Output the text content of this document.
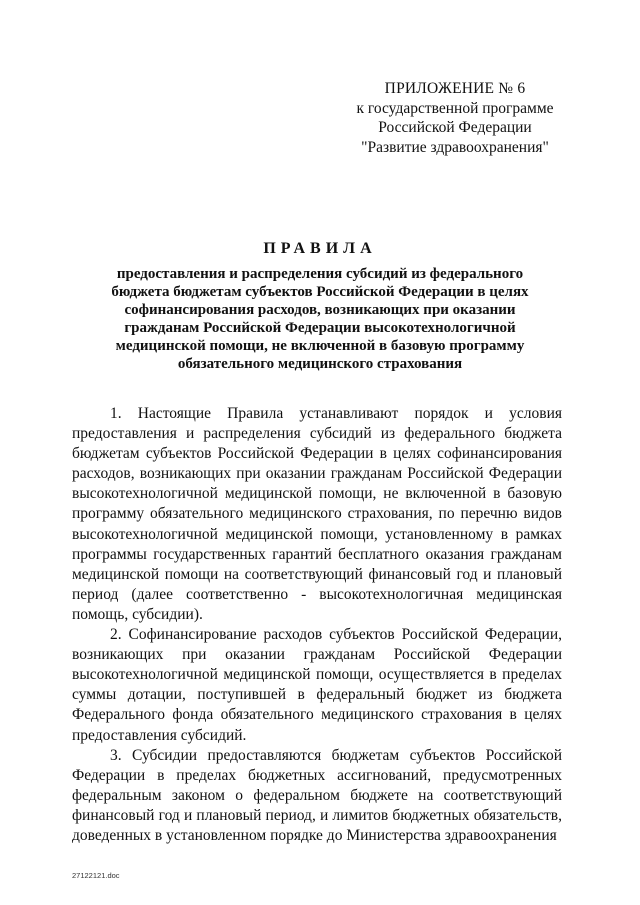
ПРИЛОЖЕНИЕ № 6
к государственной программе
Российской Федерации
"Развитие здравоохранения"
ПРАВИЛА
предоставления и распределения субсидий из федерального
бюджета бюджетам субъектов Российской Федерации в целях
софинансирования расходов, возникающих при оказании
гражданам Российской Федерации высокотехнологичной
медицинской помощи, не включенной в базовую программу
обязательного медицинского страхования

1. Настоящие Правила устанавливают порядок и условия предоставления и распределения субсидий из федерального бюджета бюджетам субъектов Российской Федерации в целях софинансирования расходов, возникающих при оказании гражданам Российской Федерации высокотехнологичной медицинской помощи, не включенной в базовую программу обязательного медицинского страхования, по перечню видов высокотехнологичной медицинской помощи, установленному в рамках программы государственных гарантий бесплатного оказания гражданам медицинской помощи на соответствующий финансовый год и плановый период (далее соответственно - высокотехнологичная медицинская помощь, субсидии).

2. Софинансирование расходов субъектов Российской Федерации, возникающих при оказании гражданам Российской Федерации высокотехнологичной медицинской помощи, осуществляется в пределах суммы дотации, поступившей в федеральный бюджет из бюджета Федерального фонда обязательного медицинского страхования в целях предоставления субсидий.

3. Субсидии предоставляются бюджетам субъектов Российской Федерации в пределах бюджетных ассигнований, предусмотренных федеральным законом о федеральном бюджете на соответствующий финансовый год и плановый период, и лимитов бюджетных обязательств, доведенных в установленном порядке до Министерства здравоохранения

27122121.doc
